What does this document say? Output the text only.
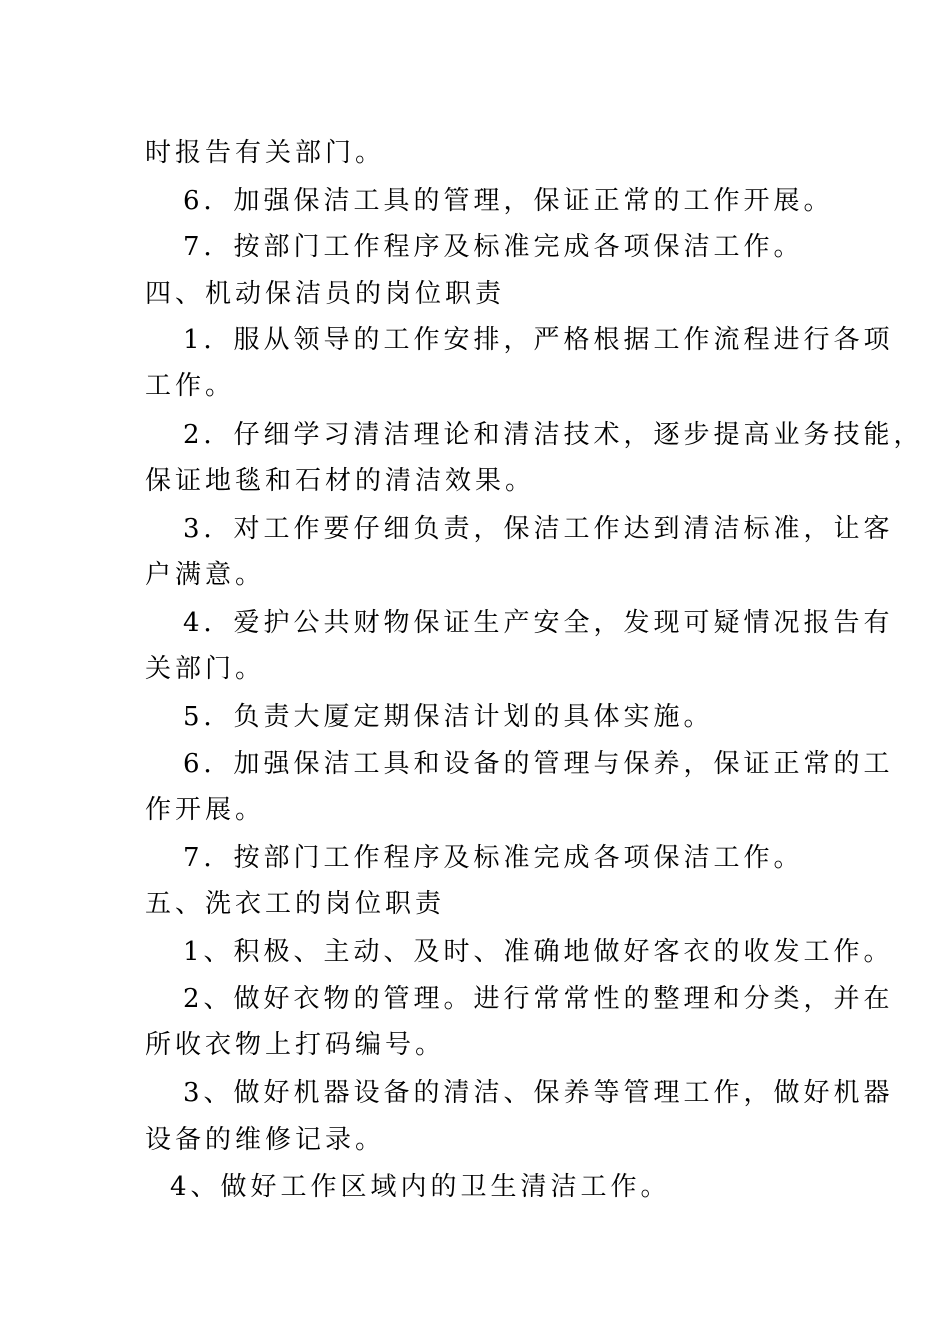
时报告有关部门。
6．加强保洁工具的管理，保证正常的工作开展。
7．按部门工作程序及标准完成各项保洁工作。
四、机动保洁员的岗位职责
1．服从领导的工作安排，严格根据工作流程进行各项
工作。
2．仔细学习清洁理论和清洁技术，逐步提高业务技能，
保证地毯和石材的清洁效果。
3．对工作要仔细负责，保洁工作达到清洁标准，让客
户满意。
4．爱护公共财物保证生产安全，发现可疑情况报告有
关部门。
5．负责大厦定期保洁计划的具体实施。
6．加强保洁工具和设备的管理与保养，保证正常的工
作开展。
7．按部门工作程序及标准完成各项保洁工作。
五、洗衣工的岗位职责
1、积极、主动、及时、准确地做好客衣的收发工作。
2、做好衣物的管理。进行常常性的整理和分类，并在
所收衣物上打码编号。
3、做好机器设备的清洁、保养等管理工作，做好机器
设备的维修记录。
4、做好工作区域内的卫生清洁工作。
